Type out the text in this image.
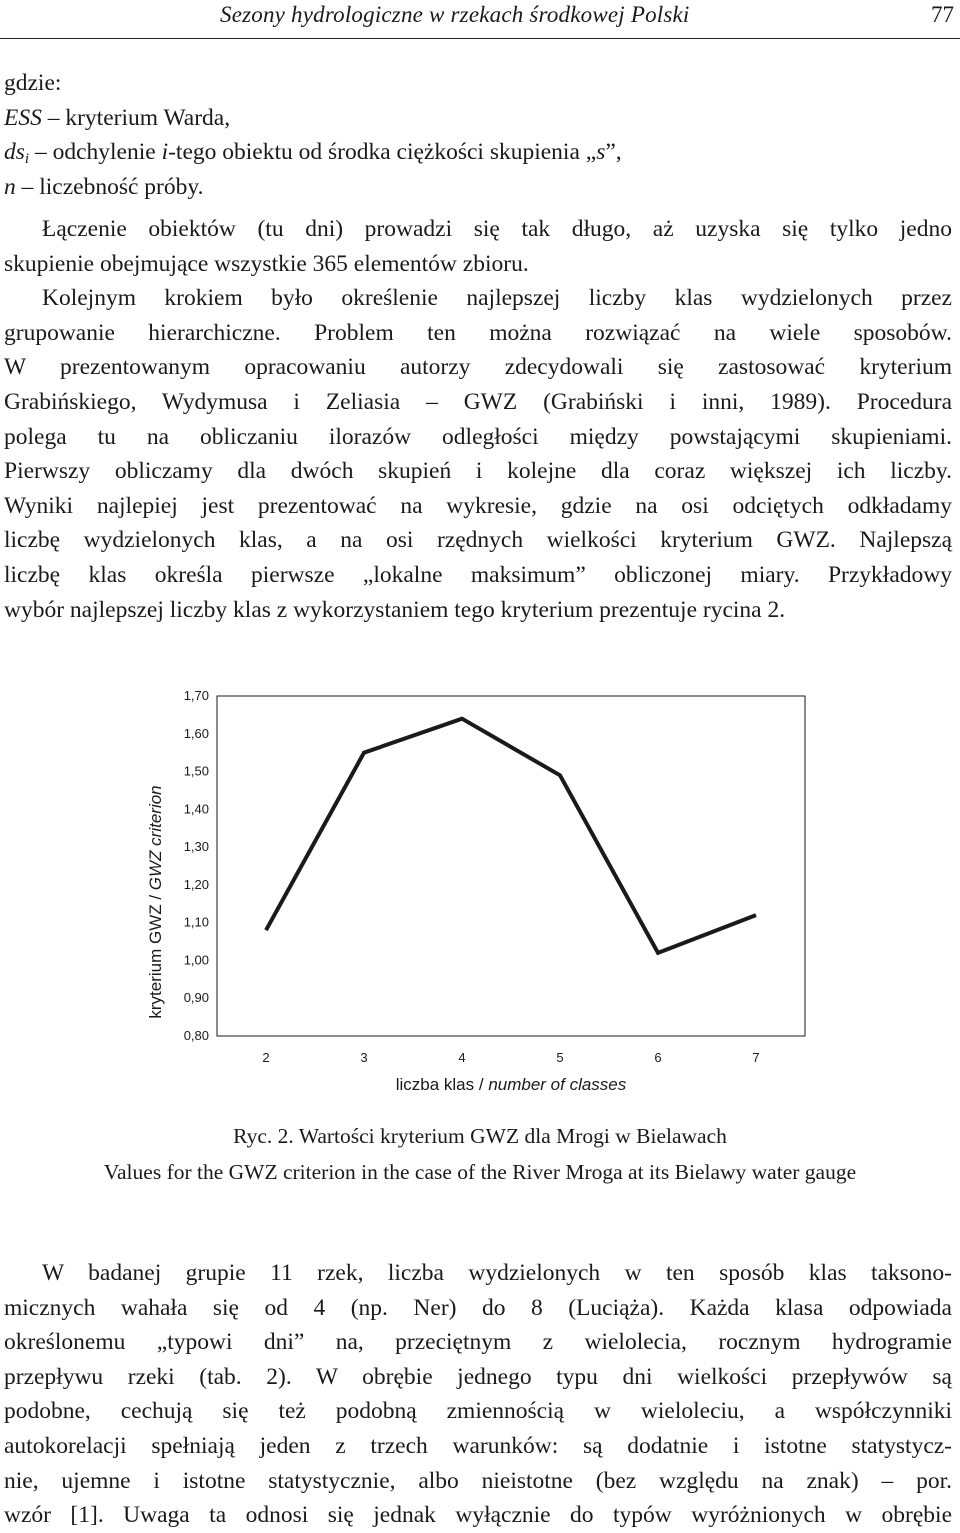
Sezony hydrologiczne w rzekach środkowej Polski	77
gdzie:
ESS – kryterium Warda,
$ds_i$ – odchylenie i-tego obiektu od środka ciężkości skupienia „s”,
n – liczebność próby.
Łączenie obiektów (tu dni) prowadzi się tak długo, aż uzyska się tylko jedno
skupienie obejmujące wszystkie 365 elementów zbioru.
Kolejnym krokiem było określenie najlepszej liczby klas wydzielonych przez
grupowanie hierarchiczne. Problem ten można rozwiązać na wiele sposobów.
W prezentowanym opracowaniu autorzy zdecydowali się zastosować kryterium
Grabińskiego, Wydymusa i Zeliasia – GWZ (Grabiński i inni, 1989). Procedura
polega tu na obliczaniu ilorazów odległości między powstającymi skupieniami.
Pierwszy obliczamy dla dwóch skupień i kolejne dla coraz większej ich liczby.
Wyniki najlepiej jest prezentować na wykresie, gdzie na osi odciętych odkładamy
liczbę wydzielonych klas, a na osi rzędnych wielkości kryterium GWZ. Najlepszą
liczbę klas określa pierwsze „lokalne maksimum” obliczonej miary. Przykładowy
wybór najlepszej liczby klas z wykorzystaniem tego kryterium prezentuje rycina 2.
1,70
1,60
1,50
1,40
1,30
1,20
1,10
1,00
0,90
0,80
2	3	4	5	6	7
liczba klas / number of classes
kryterium GWZ / GWZ criterion
Ryc. 2. Wartości kryterium GWZ dla Mrogi w Bielawach
Values for the GWZ criterion in the case of the River Mroga at its Bielawy water gauge
W badanej grupie 11 rzek, liczba wydzielonych w ten sposób klas taksono-
micznych wahała się od 4 (np. Ner) do 8 (Luciąża). Każda klasa odpowiada
określonemu „typowi dni” na, przeciętnym z wielolecia, rocznym hydrogramie
przepływu rzeki (tab. 2). W obrębie jednego typu dni wielkości przepływów są
podobne, cechują się też podobną zmiennością w wieloleciu, a współczynniki
autokorelacji spełniają jeden z trzech warunków: są dodatnie i istotne statystycz-
nie, ujemne i istotne statystycznie, albo nieistotne (bez względu na znak) – por.
wzór [1]. Uwaga ta odnosi się jednak wyłącznie do typów wyróżnionych w obrębie
